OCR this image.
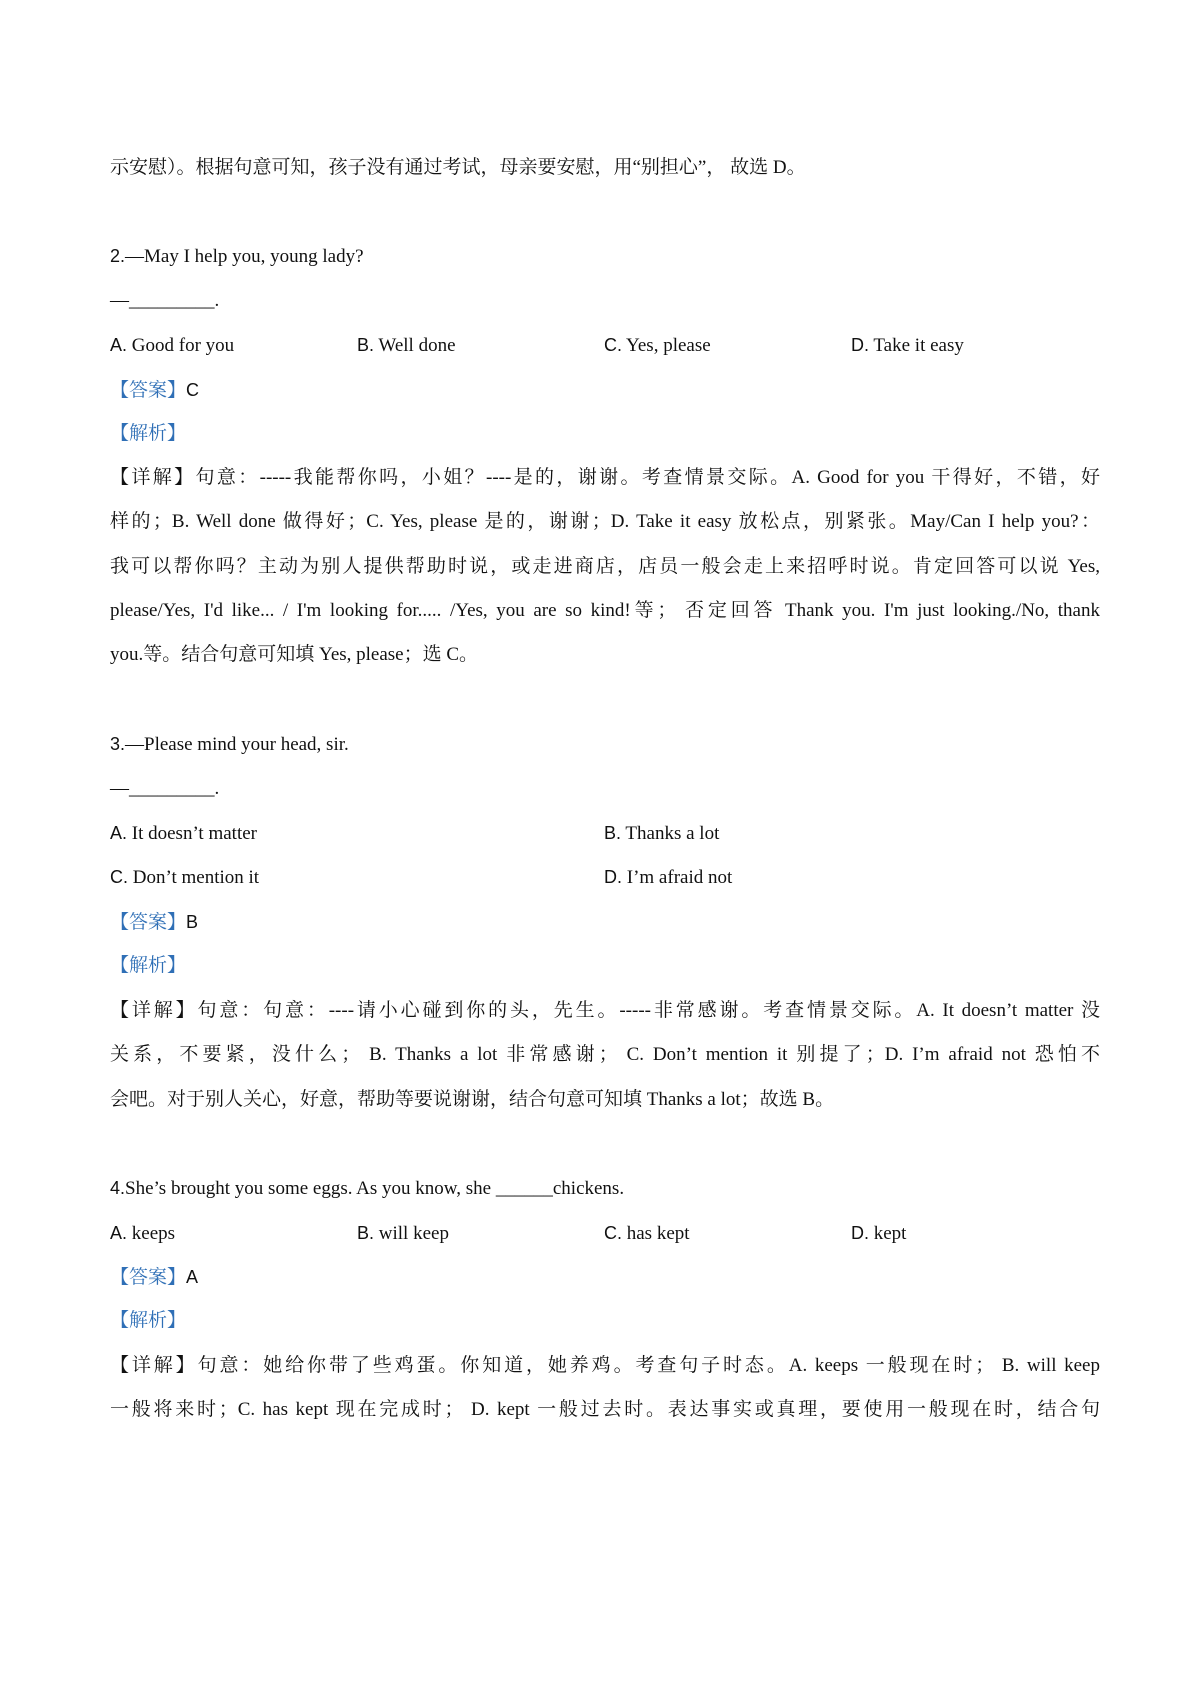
示安慰）。根据句意可知，孩子没有通过考试，母亲要安慰，用“别担心”， 故选 D。
2.—May I help you, young lady?
—_________.
A. Good for you	B. Well done	C. Yes, please	D. Take it easy
【答案】C
【解析】
【详解】句意：-----我能帮你吗，小姐？----是的，谢谢。考查情景交际。A. Good for you 干得好，不错，好
样的；B. Well done 做得好；C. Yes, please 是的，谢谢；D. Take it easy 放松点，别紧张。May/Can I help you?：
我可以帮你吗？主动为别人提供帮助时说，或走进商店，店员一般会走上来招呼时说。肯定回答可以说 Yes,
please/Yes, I'd like... / I'm looking for..... /Yes, you are so kind!等； 否定回答 Thank you. I'm just looking./No, thank
you.等。结合句意可知填 Yes, please；选 C。
3.—Please mind your head, sir.
—_________.
A. It doesn’t matter	B. Thanks a lot
C. Don’t mention it	D. I’m afraid not
【答案】B
【解析】
【详解】句意：句意：----请小心碰到你的头，先生。-----非常感谢。考查情景交际。A. It doesn’t matter 没
关系，不要紧，没什么； B. Thanks a lot 非常感谢； C. Don’t mention it 别提了；D. I’m afraid not 恐怕不
会吧。对于别人关心，好意，帮助等要说谢谢，结合句意可知填 Thanks a lot；故选 B。
4.She’s brought you some eggs. As you know, she ______chickens.
A. keeps	B. will keep	C. has kept	D. kept
【答案】A
【解析】
【详解】句意：她给你带了些鸡蛋。你知道，她养鸡。考查句子时态。A. keeps 一般现在时； B. will keep
一般将来时；C. has kept 现在完成时； D. kept 一般过去时。表达事实或真理，要使用一般现在时，结合句
